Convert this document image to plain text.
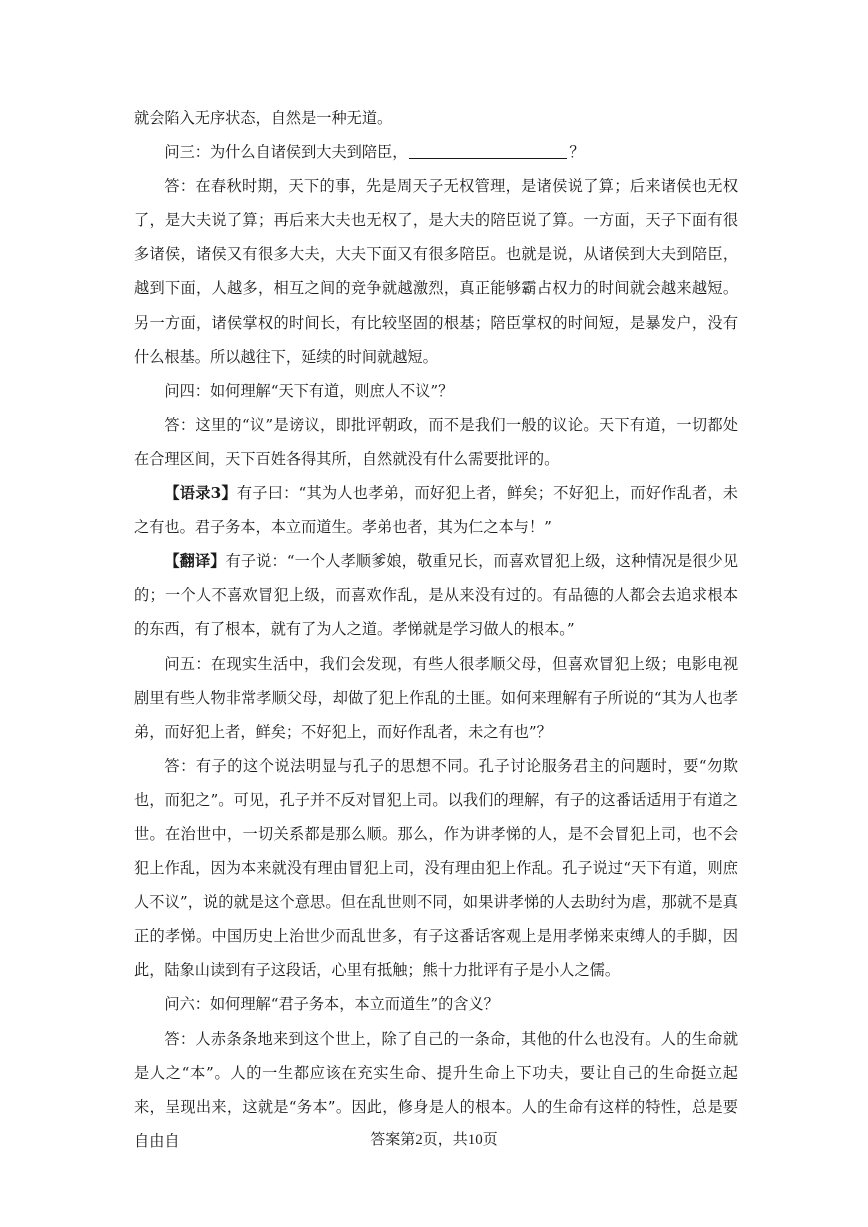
就会陷入无序状态，自然是一种无道。

问三：为什么自诸侯到大夫到陪臣，	？

答：在春秋时期，天下的事，先是周天子无权管理，是诸侯说了算；后来诸侯也无权了，是大夫说了算；再后来大夫也无权了，是大夫的陪臣说了算。一方面，天子下面有很多诸侯，诸侯又有很多大夫，大夫下面又有很多陪臣。也就是说，从诸侯到大夫到陪臣，越到下面，人越多，相互之间的竞争就越激烈，真正能够霸占权力的时间就会越来越短。另一方面，诸侯掌权的时间长，有比较坚固的根基；陪臣掌权的时间短，是暴发户，没有什么根基。所以越往下，延续的时间就越短。

问四：如何理解“天下有道，则庶人不议”？

答：这里的“议”是谤议，即批评朝政，而不是我们一般的议论。天下有道，一切都处在合理区间，天下百姓各得其所，自然就没有什么需要批评的。

【语录3】有子曰：“其为人也孝弟，而好犯上者，鲜矣；不好犯上，而好作乱者，未之有也。君子务本，本立而道生。孝弟也者，其为仁之本与！”

【翻译】有子说：“一个人孝顺爹娘，敬重兄长，而喜欢冒犯上级，这种情况是很少见的；一个人不喜欢冒犯上级，而喜欢作乱，是从来没有过的。有品德的人都会去追求根本的东西，有了根本，就有了为人之道。孝悌就是学习做人的根本。”

问五：在现实生活中，我们会发现，有些人很孝顺父母，但喜欢冒犯上级；电影电视剧里有些人物非常孝顺父母，却做了犯上作乱的土匪。如何来理解有子所说的“其为人也孝弟，而好犯上者，鲜矣；不好犯上，而好作乱者，未之有也”？

答：有子的这个说法明显与孔子的思想不同。孔子讨论服务君主的问题时，要“勿欺也，而犯之”。可见，孔子并不反对冒犯上司。以我们的理解，有子的这番话适用于有道之世。在治世中，一切关系都是那么顺。那么，作为讲孝悌的人，是不会冒犯上司，也不会犯上作乱，因为本来就没有理由冒犯上司，没有理由犯上作乱。孔子说过“天下有道，则庶人不议”，说的就是这个意思。但在乱世则不同，如果讲孝悌的人去助纣为虐，那就不是真正的孝悌。中国历史上治世少而乱世多，有子这番话客观上是用孝悌来束缚人的手脚，因此，陆象山读到有子这段话，心里有抵触；熊十力批评有子是小人之儒。

问六：如何理解“君子务本，本立而道生”的含义？

答：人赤条条地来到这个世上，除了自己的一条命，其他的什么也没有。人的生命就是人之“本”。人的一生都应该在充实生命、提升生命上下功夫，要让自己的生命挺立起来，呈现出来，这就是“务本”。因此，修身是人的根本。人的生命有这样的特性，总是要自由自	答案第2页，共10页
